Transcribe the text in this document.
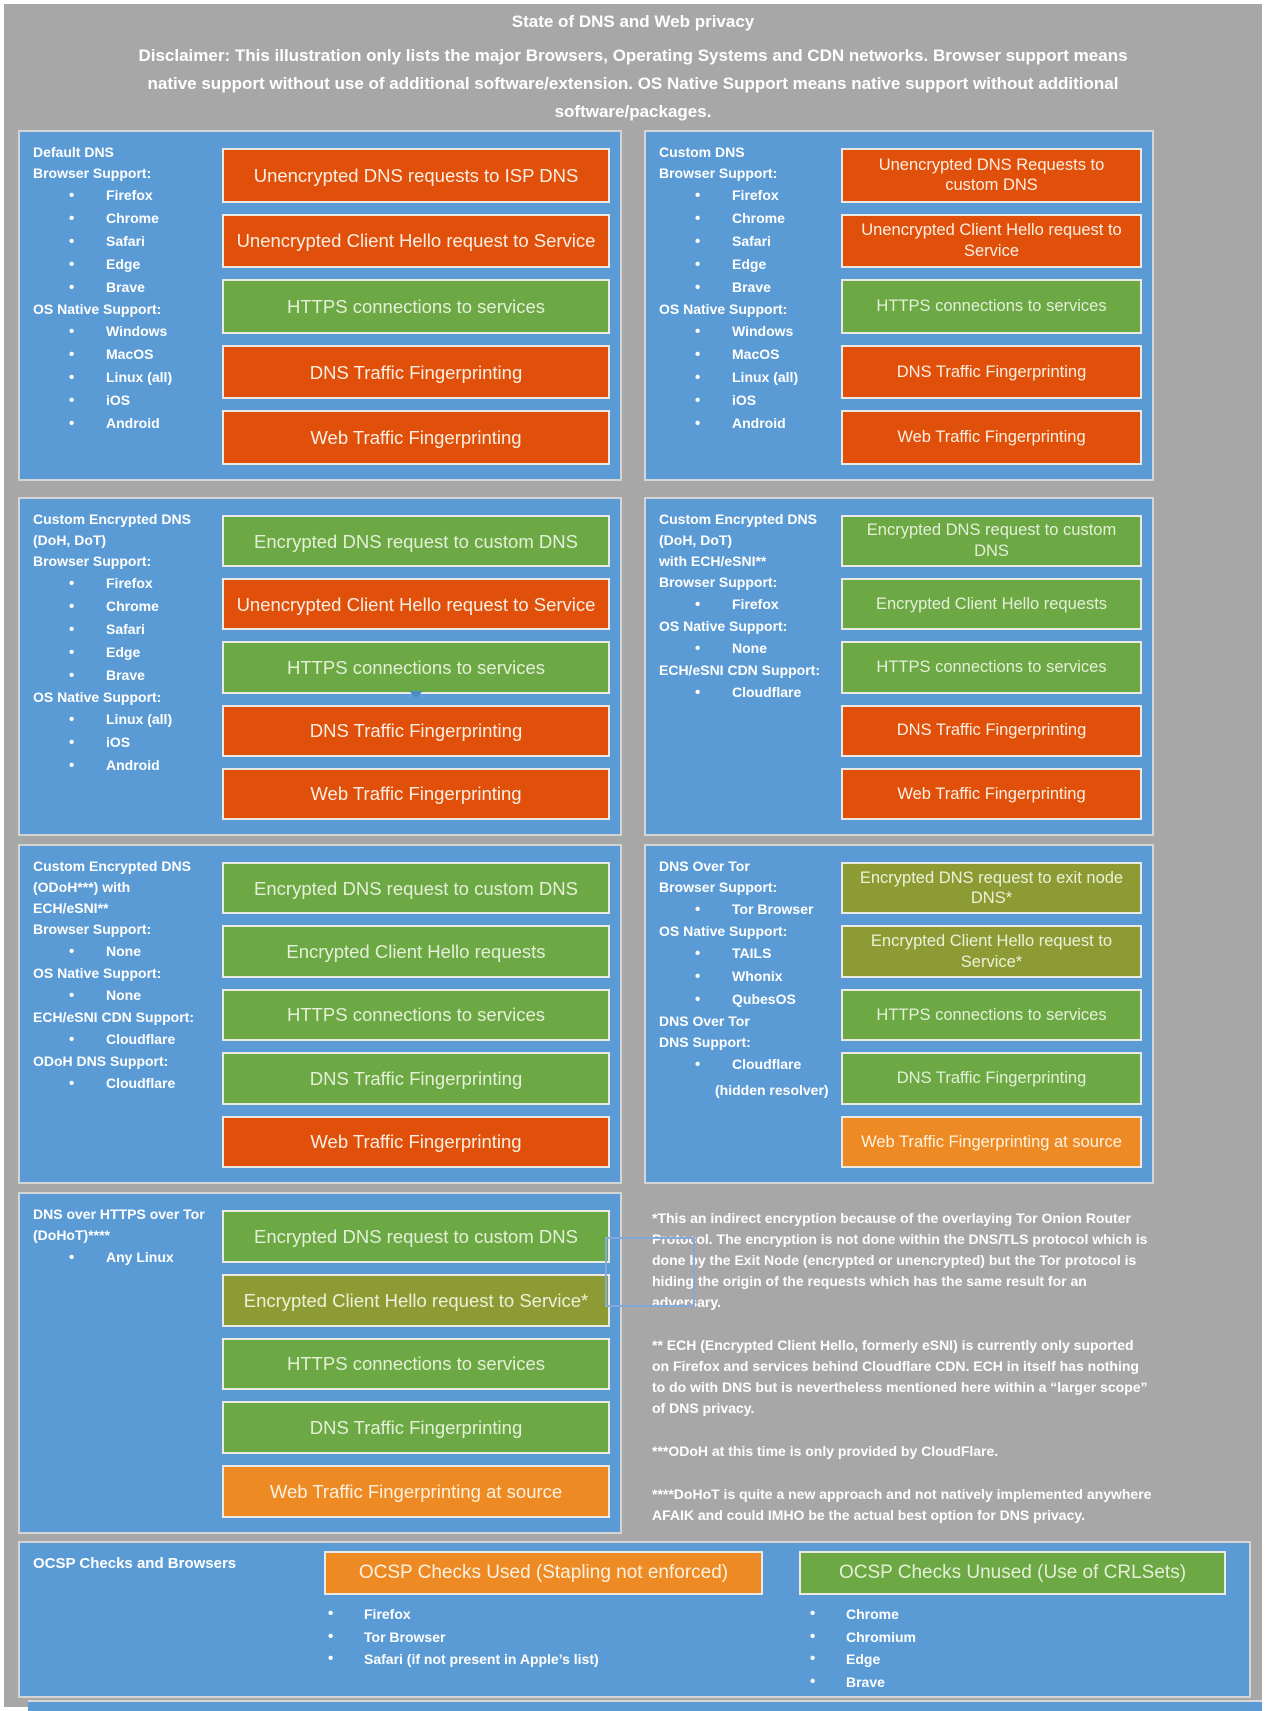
State of DNS and Web privacy
Disclaimer: This illustration only lists the major Browsers, Operating Systems and CDN networks. Browser support means native support without use of additional software/extension. OS Native Support means native support without additional software/packages.
Default DNS
Browser Support:
• Firefox
• Chrome
• Safari
• Edge
• Brave
OS Native Support:
• Windows
• MacOS
• Linux (all)
• iOS
• Android
Unencrypted DNS requests to ISP DNS
Unencrypted Client Hello request to Service
HTTPS connections to services
DNS Traffic Fingerprinting
Web Traffic Fingerprinting
Custom DNS
Browser Support:
• Firefox
• Chrome
• Safari
• Edge
• Brave
OS Native Support:
• Windows
• MacOS
• Linux (all)
• iOS
• Android
Unencrypted DNS Requests to custom DNS
Unencrypted Client Hello request to Service
HTTPS connections to services
DNS Traffic Fingerprinting
Web Traffic Fingerprinting
Custom Encrypted DNS
(DoH, DoT)
Browser Support:
• Firefox
• Chrome
• Safari
• Edge
• Brave
OS Native Support:
• Linux (all)
• iOS
• Android
Encrypted DNS request to custom DNS
Unencrypted Client Hello request to Service
HTTPS connections to services
DNS Traffic Fingerprinting
Web Traffic Fingerprinting
Custom Encrypted DNS
(DoH, DoT)
with ECH/eSNI**
Browser Support:
• Firefox
OS Native Support:
• None
ECH/eSNI CDN Support:
• Cloudflare
Encrypted DNS request to custom DNS
Encrypted Client Hello requests
HTTPS connections to services
DNS Traffic Fingerprinting
Web Traffic Fingerprinting
Custom Encrypted DNS
(ODoH***) with
ECH/eSNI**
Browser Support:
• None
OS Native Support:
• None
ECH/eSNI CDN Support:
• Cloudflare
ODoH DNS Support:
• Cloudflare
Encrypted DNS request to custom DNS
Encrypted Client Hello requests
HTTPS connections to services
DNS Traffic Fingerprinting
Web Traffic Fingerprinting
DNS Over Tor
Browser Support:
• Tor Browser
OS Native Support:
• TAILS
• Whonix
• QubesOS
DNS Over Tor
DNS Support:
• Cloudflare
(hidden resolver)
Encrypted DNS request to exit node DNS*
Encrypted Client Hello request to Service*
HTTPS connections to services
DNS Traffic Fingerprinting
Web Traffic Fingerprinting at source
DNS over HTTPS over Tor
(DoHoT)****
• Any Linux
Encrypted DNS request to custom DNS
Encrypted Client Hello request to Service*
HTTPS connections to services
DNS Traffic Fingerprinting
Web Traffic Fingerprinting at source

*This an indirect encryption because of the overlaying Tor Onion Router Protocol. The encryption is not done within the DNS/TLS protocol which is done by the Exit Node (encrypted or unencrypted) but the Tor protocol is hiding the origin of the requests which has the same result for an adversary.

** ECH (Encrypted Client Hello, formerly eSNI) is currently only suported on Firefox and services behind Cloudflare CDN. ECH in itself has nothing to do with DNS but is nevertheless mentioned here within a “larger scope” of DNS privacy.

***ODoH at this time is only provided by CloudFlare.

****DoHoT is quite a new approach and not natively implemented anywhere AFAIK and could IMHO be the actual best option for DNS privacy.

OCSP Checks and Browsers	OCSP Checks Used (Stapling not enforced)
• Firefox
• Tor Browser
• Safari (if not present in Apple’s list)
OCSP Checks Unused (Use of CRLSets)
• Chrome
• Chromium
• Edge
• Brave
